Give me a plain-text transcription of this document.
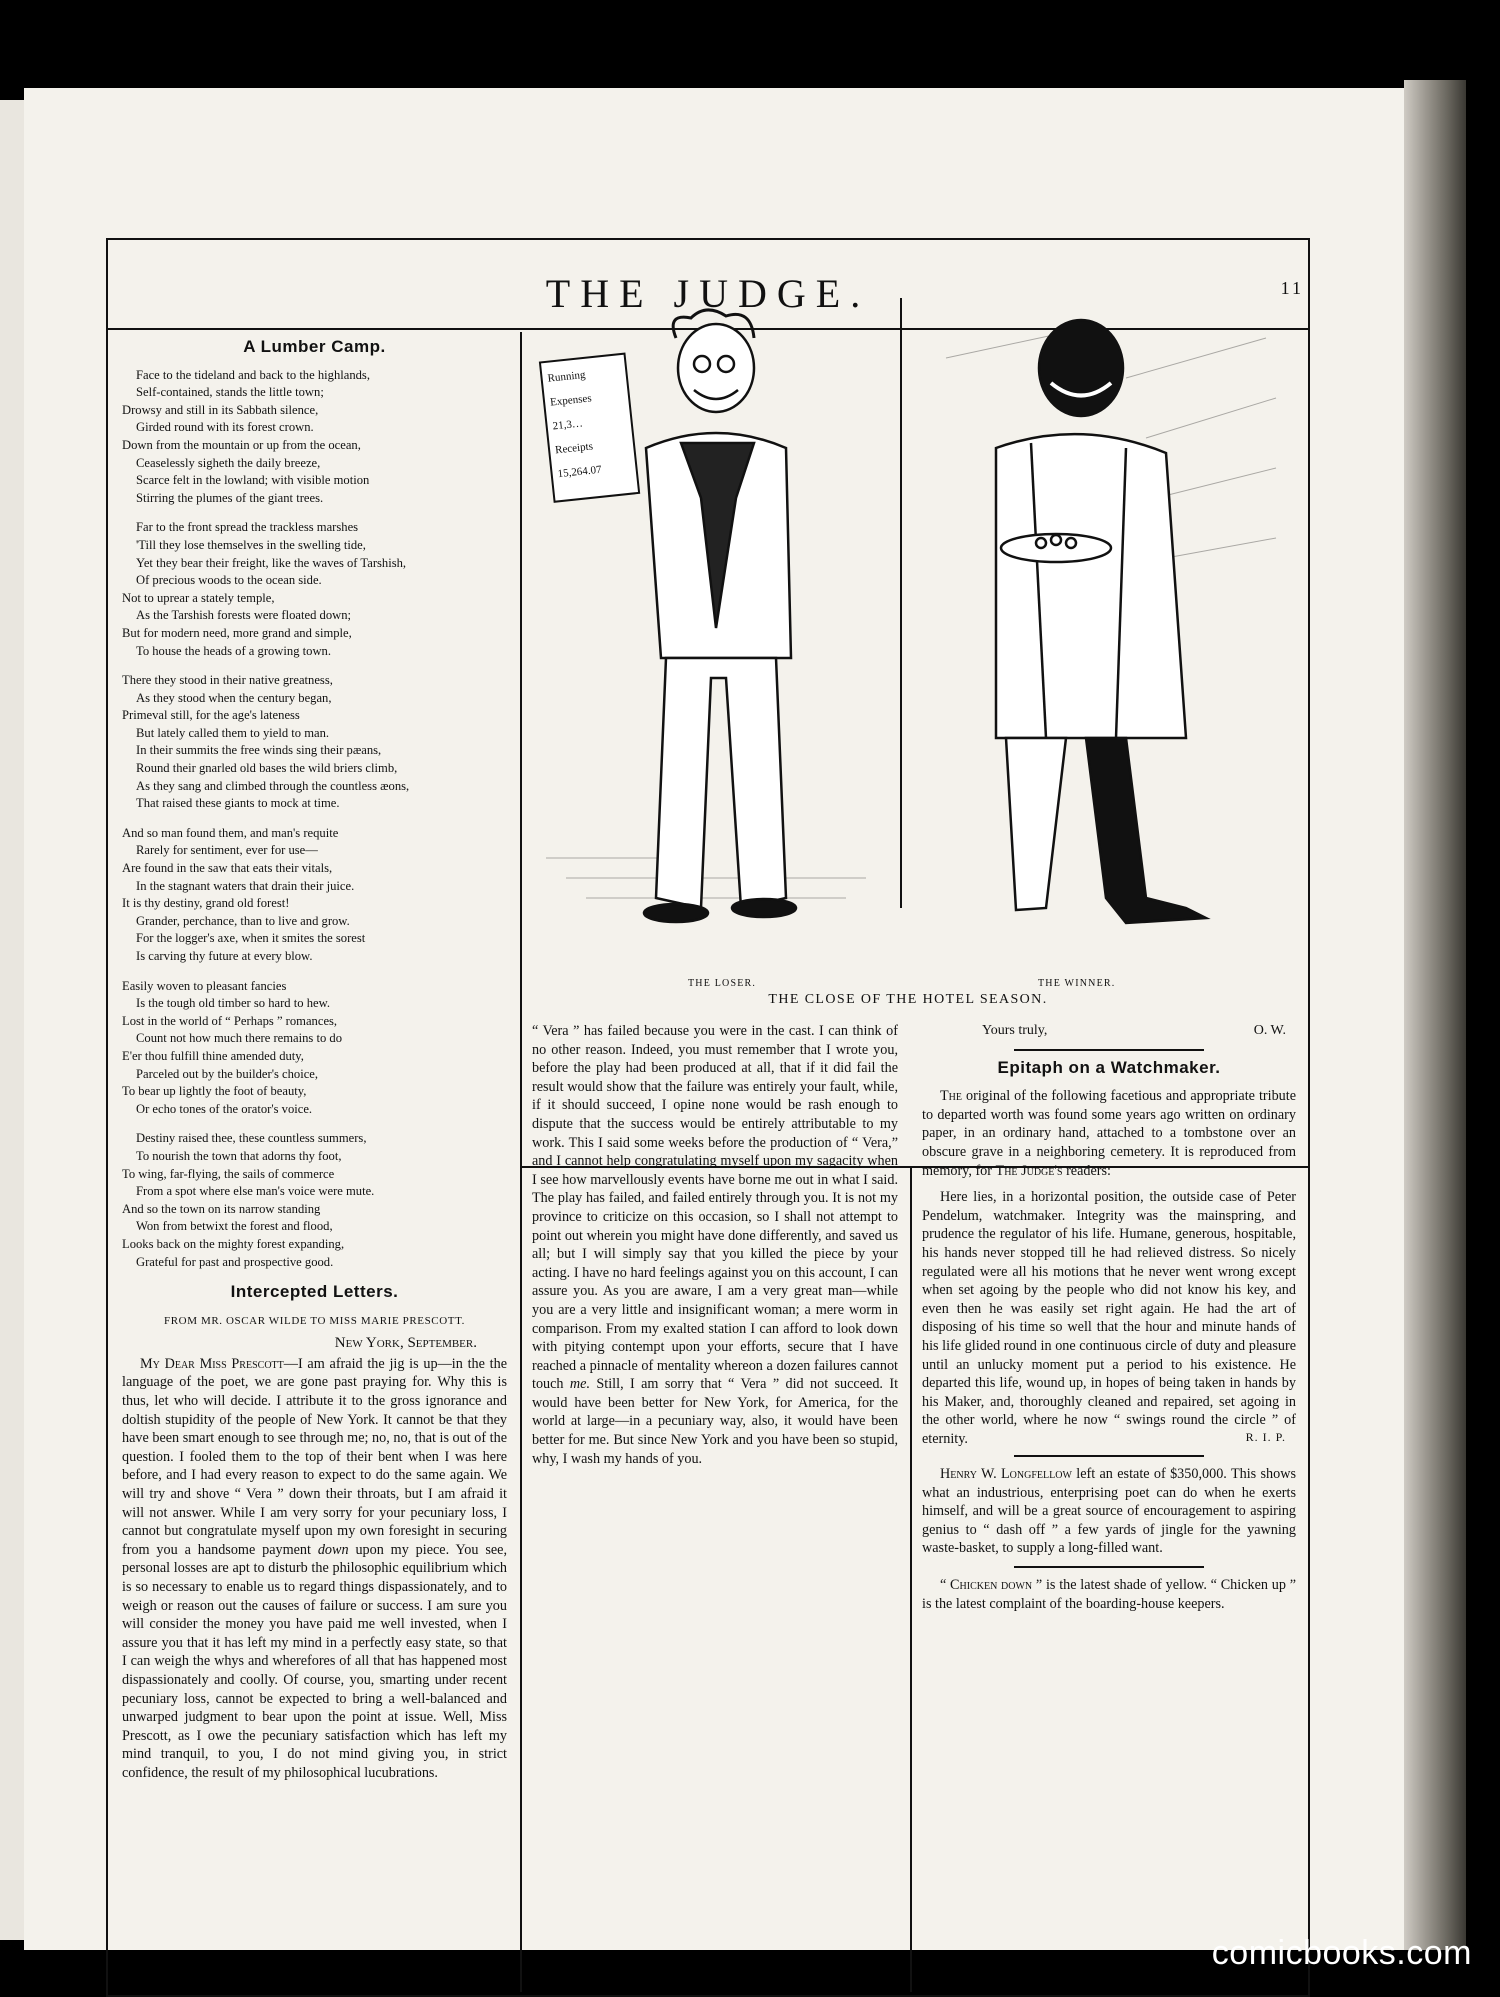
THE JUDGE.	11
A Lumber Camp.
Face to the tideland and back to the highlands,
Self-contained, stands the little town;
Drowsy and still in its Sabbath silence,
Girded round with its forest crown.
Down from the mountain or up from the ocean,
Ceaselessly sigheth the daily breeze,
Scarce felt in the lowland; with visible motion
Stirring the plumes of the giant trees.
Far to the front spread the trackless marshes
'Till they lose themselves in the swelling tide,
Yet they bear their freight, like the waves of Tarshish,
Of precious woods to the ocean side.
Not to uprear a stately temple,
As the Tarshish forests were floated down;
But for modern need, more grand and simple,
To house the heads of a growing town.
There they stood in their native greatness,
As they stood when the century began,
Primeval still, for the age's lateness
But lately called them to yield to man.
In their summits the free winds sing their pæans,
Round their gnarled old bases the wild briers climb,
As they sang and climbed through the countless æons,
That raised these giants to mock at time.
And so man found them, and man's requite
Rarely for sentiment, ever for use—
Are found in the saw that eats their vitals,
In the stagnant waters that drain their juice.
It is thy destiny, grand old forest!
Grander, perchance, than to live and grow.
For the logger's axe, when it smites the sorest
Is carving thy future at every blow.
Easily woven to pleasant fancies
Is the tough old timber so hard to hew.
Lost in the world of “ Perhaps ” romances,
Count not how much there remains to do
E'er thou fulfill thine amended duty,
Parceled out by the builder's choice,
To bear up lightly the foot of beauty,
Or echo tones of the orator's voice.
Destiny raised thee, these countless summers,
To nourish the town that adorns thy foot,
To wing, far-flying, the sails of commerce
From a spot where else man's voice were mute.
And so the town on its narrow standing
Won from betwixt the forest and flood,
Looks back on the mighty forest expanding,
Grateful for past and prospective good.
Intercepted Letters.
FROM MR. OSCAR WILDE TO MISS MARIE PRESCOTT.
New York, September.

My Dear Miss Prescott—I am afraid the jig is up—in the the language of the poet, we are gone past praying for. Why this is thus, let who will decide. I attribute it to the gross ignorance and doltish stupidity of the people of New York. It cannot be that they have been smart enough to see through me; no, no, that is out of the question. I fooled them to the top of their bent when I was here before, and I had every reason to expect to do the same again. We will try and shove “ Vera ” down their throats, but I am afraid it will not answer. While I am very sorry for your pecuniary loss, I cannot but congratulate myself upon my own foresight in securing from you a handsome payment down upon my piece. You see, personal losses are apt to disturb the philosophic equilibrium which is so necessary to enable us to regard things dispassionately, and to weigh or reason out the causes of failure or success. I am sure you will consider the money you have paid me well invested, when I assure you that it has left my mind in a perfectly easy state, so that I can weigh the whys and wherefores of all that has happened most dispassionately and coolly. Of course, you, smarting under recent pecuniary loss, cannot be expected to bring a well-balanced and unwarped judgment to bear upon the point at issue. Well, Miss Prescott, as I owe the pecuniary satisfaction which has left my mind tranquil, to you, I do not mind giving you, in strict confidence, the result of my philosophical lucubrations.

RunningExpenses21,3…Receipts15,264.07
THE LOSER.	THE WINNER.
THE CLOSE OF THE HOTEL SEASON.

“ Vera ” has failed because you were in the cast. I can think of no other reason. Indeed, you must remember that I wrote you, before the play had been produced at all, that if it did fail the result would show that the failure was entirely your fault, while, if it should succeed, I opine none would be rash enough to dispute that the success would be entirely attributable to my work. This I said some weeks before the production of “ Vera,” and I cannot help congratulating myself upon my sagacity when I see how marvellously events have borne me out in what I said. The play has failed, and failed entirely through you. It is not my province to criticize on this occasion, so I shall not attempt to point out wherein you might have done differently, and saved us all; but I will simply say that you killed the piece by your acting. I have no hard feelings against you on this account, I can assure you. As you are aware, I am a very great man—while you are a very little and insignificant woman; a mere worm in comparison. From my exalted station I can afford to look down with pitying contempt upon your efforts, secure that I have reached a pinnacle of mentality whereon a dozen failures cannot touch me. Still, I am sorry that “ Vera ” did not succeed. It would have been better for New York, for America, for the world at large—in a pecuniary way, also, it would have been better for me. But since New York and you have been so stupid, why, I wash my hands of you.

Yours truly,	O. W.
Epitaph on a Watchmaker.

The original of the following facetious and appropriate tribute to departed worth was found some years ago written on ordinary paper, in an ordinary hand, attached to a tombstone over an obscure grave in a neighboring cemetery. It is reproduced from memory, for The Judge's readers:

Here lies, in a horizontal position, the outside case of Peter Pendelum, watchmaker. Integrity was the mainspring, and prudence the regulator of his life. Humane, generous, hospitable, his hands never stopped till he had relieved distress. So nicely regulated were all his motions that he never went wrong except when set agoing by the people who did not know his key, and even then he was easily set right again. He had the art of disposing of his time so well that the hour and minute hands of his life glided round in one continuous circle of duty and pleasure until an unlucky moment put a period to his existence. He departed this life, wound up, in hopes of being taken in hands by his Maker, and, thoroughly cleaned and repaired, set agoing in the other world, where he now “ swings round the circle ” of eternity.	R. I. P.

Henry W. Longfellow left an estate of $350,000. This shows what an industrious, enterprising poet can do when he exerts himself, and will be a great source of encouragement to aspiring genius to “ dash off ” a few yards of jingle for the yawning waste-basket, to supply a long-filled want.

“ Chicken down ” is the latest shade of yellow. “ Chicken up ” is the latest complaint of the boarding-house keepers.

comicbooks.com
